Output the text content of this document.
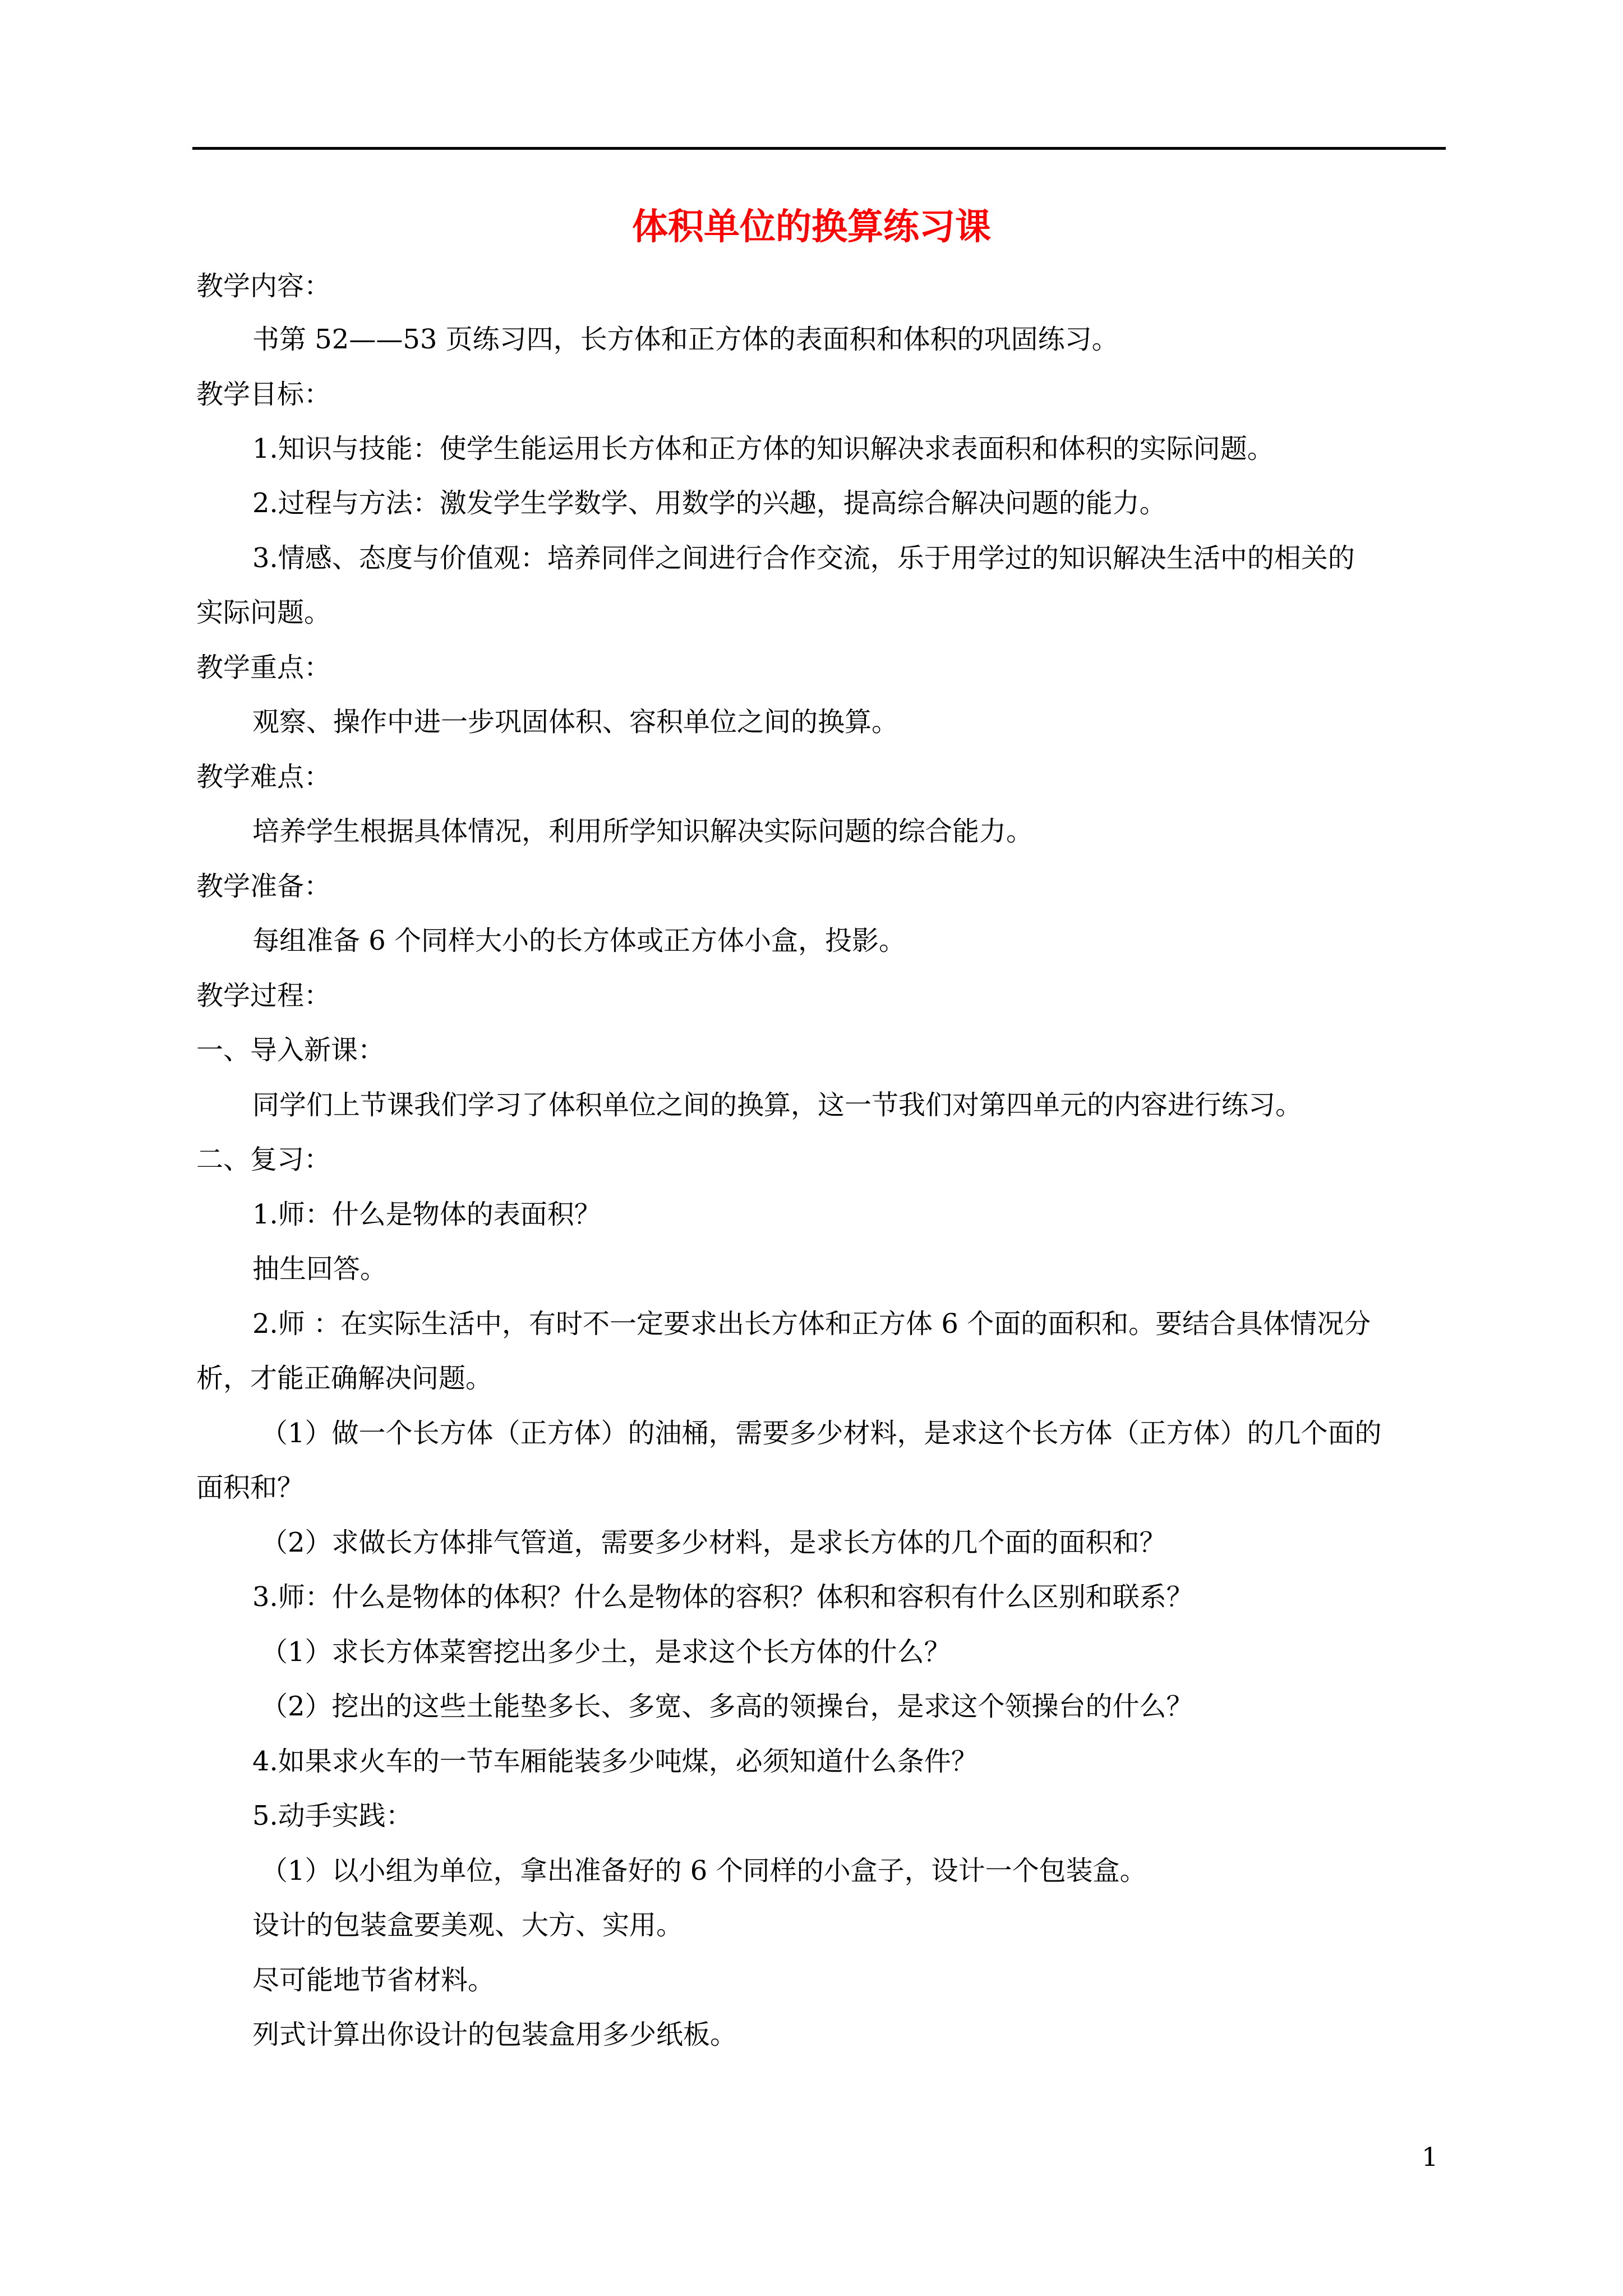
体积单位的换算练习课
教学内容：
书第 52——53 页练习四，长方体和正方体的表面积和体积的巩固练习。
教学目标：
1.知识与技能：使学生能运用长方体和正方体的知识解决求表面积和体积的实际问题。
2.过程与方法：激发学生学数学、用数学的兴趣，提高综合解决问题的能力。
3.情感、态度与价值观：培养同伴之间进行合作交流，乐于用学过的知识解决生活中的相关的
实际问题。
教学重点：
观察、操作中进一步巩固体积、容积单位之间的换算。
教学难点：
培养学生根据具体情况，利用所学知识解决实际问题的综合能力。
教学准备：
每组准备 6 个同样大小的长方体或正方体小盒，投影。
教学过程：
一、导入新课：
同学们上节课我们学习了体积单位之间的换算，这一节我们对第四单元的内容进行练习。
二、复习：
1.师：什么是物体的表面积？
抽生回答。
2.师 ：在实际生活中，有时不一定要求出长方体和正方体 6 个面的面积和。要结合具体情况分
析，才能正确解决问题。
（1）做一个长方体（正方体）的油桶，需要多少材料，是求这个长方体（正方体）的几个面的
面积和？
（2）求做长方体排气管道，需要多少材料，是求长方体的几个面的面积和？
3.师：什么是物体的体积？什么是物体的容积？体积和容积有什么区别和联系？
（1）求长方体菜窖挖出多少土，是求这个长方体的什么？
（2）挖出的这些土能垫多长、多宽、多高的领操台，是求这个领操台的什么？
4.如果求火车的一节车厢能装多少吨煤，必须知道什么条件？
5.动手实践：
（1）以小组为单位，拿出准备好的 6 个同样的小盒子，设计一个包装盒。
设计的包装盒要美观、大方、实用。
尽可能地节省材料。
列式计算出你设计的包装盒用多少纸板。
1
